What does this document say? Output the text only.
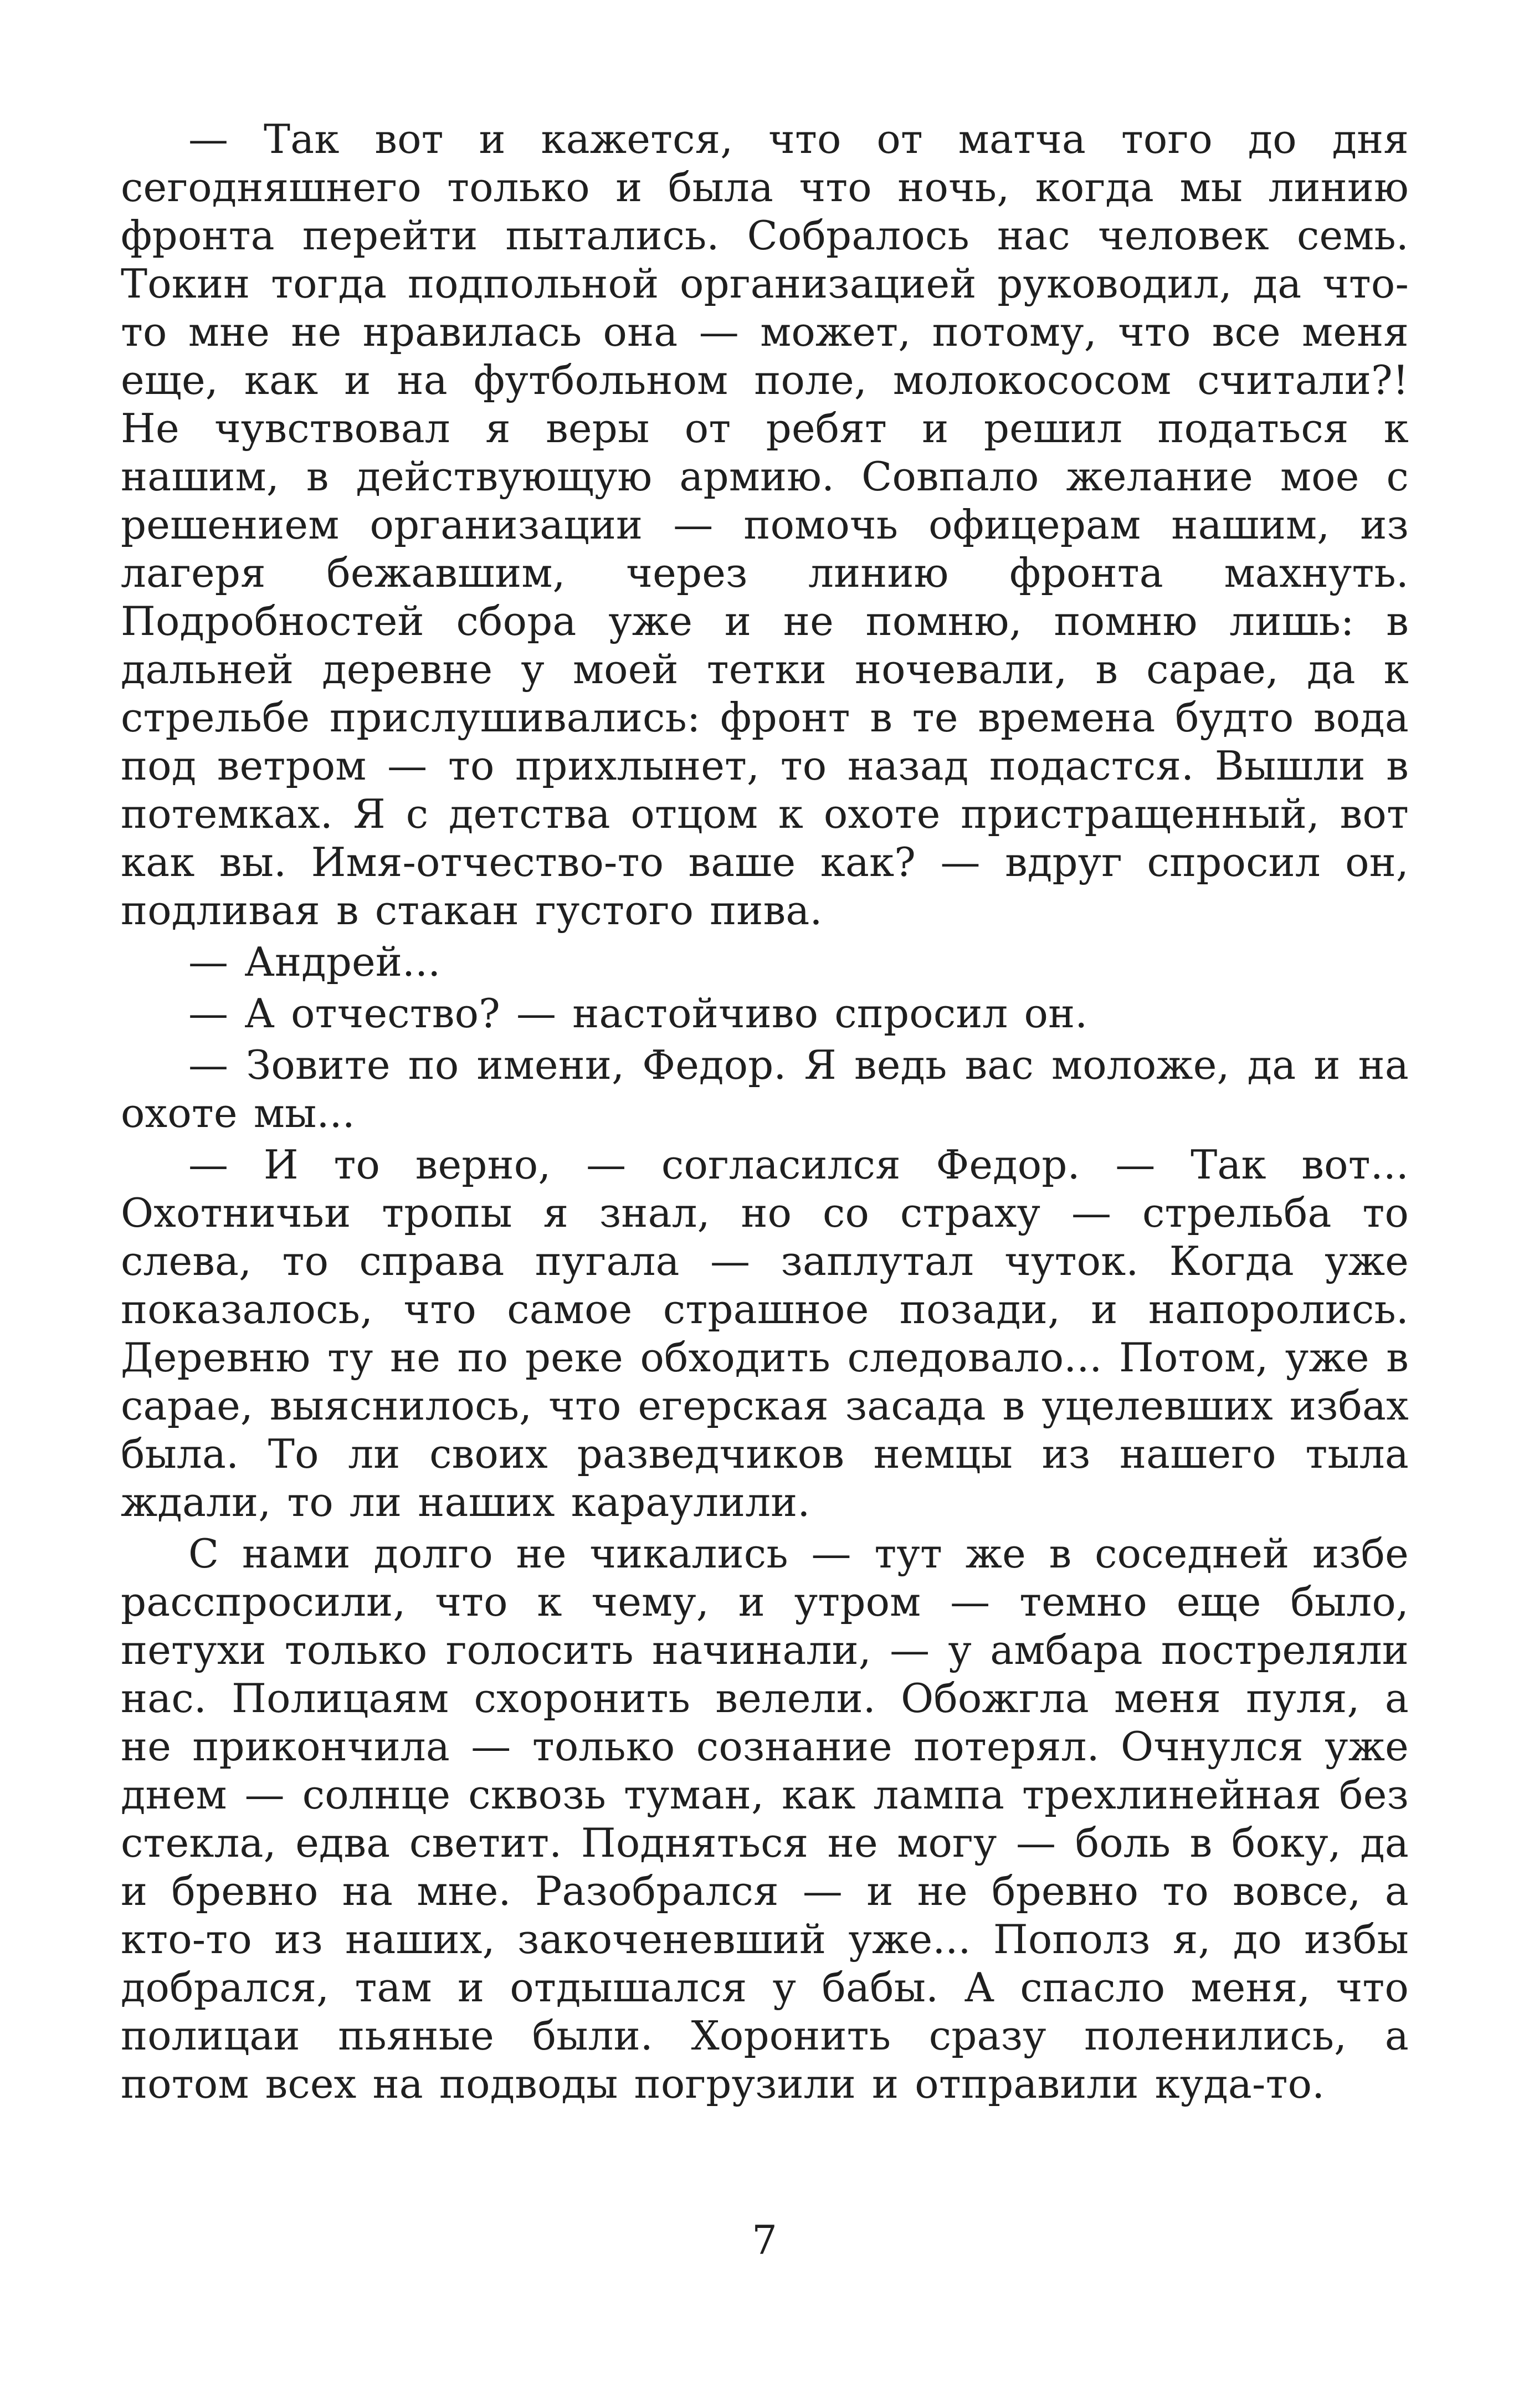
— Так вот и кажется, что от матча того до дня сегодняшнего только и была что ночь, когда мы линию фронта перейти пытались. Собралось нас человек семь. Токин тогда подпольной организацией руководил, да что-то мне не нравилась она — может, потому, что все меня еще, как и на футбольном поле, молокососом считали?! Не чувствовал я веры от ребят и решил податься к нашим, в действующую армию. Совпало желание мое с решением организации — помочь офицерам нашим, из лагеря бежавшим, через линию фронта махнуть. Подробностей сбора уже и не помню, помню лишь: в дальней деревне у моей тетки ночевали, в сарае, да к стрельбе прислушивались: фронт в те времена будто вода под ветром — то прихлынет, то назад подастся. Вышли в потемках. Я с детства отцом к охоте пристращенный, вот как вы. Имя-отчество-то ваше как? — вдруг спросил он, подливая в стакан густого пива.

— Андрей...

— А отчество? — настойчиво спросил он.

— Зовите по имени, Федор. Я ведь вас моложе, да и на охоте мы...

— И то верно, — согласился Федор. — Так вот... Охотничьи тропы я знал, но со страху — стрельба то слева, то справа пугала — заплутал чуток. Когда уже показалось, что самое страшное позади, и напоролись. Деревню ту не по реке обходить следовало... Потом, уже в сарае, выяснилось, что егерская засада в уцелевших избах была. То ли своих разведчиков немцы из нашего тыла ждали, то ли наших караулили.

С нами долго не чикались — тут же в соседней избе расспросили, что к чему, и утром — темно еще было, петухи только голосить начинали, — у амбара постреляли нас. Полицаям схоронить велели. Обожгла меня пуля, а не прикончила — только сознание потерял. Очнулся уже днем — солнце сквозь туман, как лампа трехлинейная без стекла, едва светит. Подняться не могу — боль в боку, да и бревно на мне. Разобрался — и не бревно то вовсе, а кто-то из наших, закоченевший уже... Пополз я, до избы добрался, там и отдышался у бабы. А спасло меня, что полицаи пьяные были. Хоронить сразу поленились, а потом всех на подводы погрузили и отправили куда-то.

7
